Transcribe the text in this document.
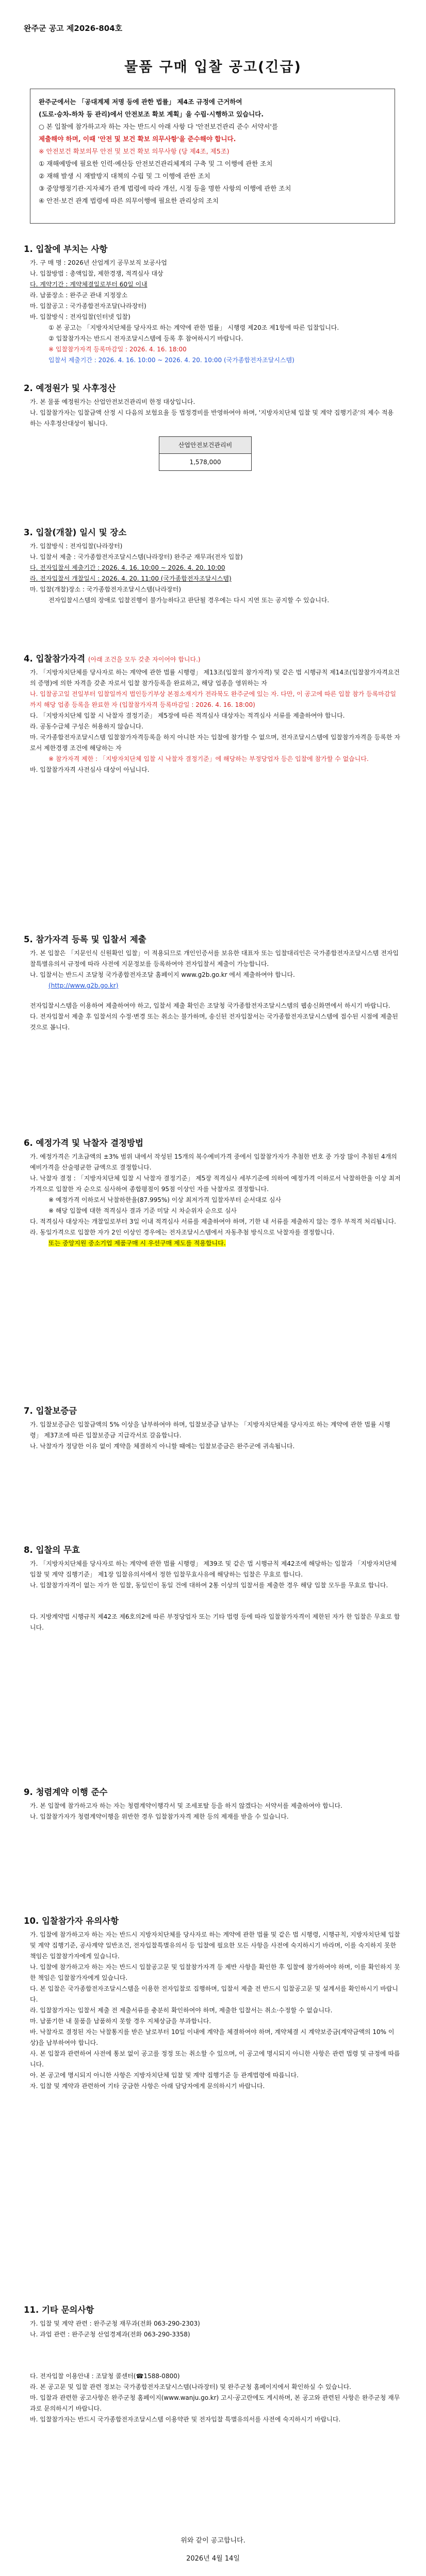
완주군 공고 제2026-804호
물품 구매 입찰 공고(긴급)

완주군에서는 「공대계제 저명 등에 관한 법률」 제4조 규정에 근거하여

(도로·승차-하차 등 관리)에서 안전보조 확보 계획」을 수립·시행하고 있습니다.

○ 본 입찰에 참가하고자 하는 자는 반드시 아래 사항 다 '안전보건관리 준수 서약서'를

제출해야 하며, 이때 '안전 및 보건 확보 의무사항'을 준수해야 합니다.

※ 안전보건 확보의무 안전 및 보건 확보 의무사항 (당 제4조, 제5조)

① 재해예방에 필요한 인력·예산등 안전보건관리체계의 구축 및 그 이행에 관한 조치

② 재해 발생 시 재발방지 대책의 수립 및 그 이행에 관한 조치

③ 중앙행정기관·지자체가 관계 법령에 따라 개선, 시정 등을 명한 사항의 이행에 관한 조치

④ 안전·보건 관계 법령에 따른 의무이행에 필요한 관리상의 조치

1. 입찰에 부치는 사항

가. 구 매 명 : 2026년 산업계기 공무보직 보공사업

나. 입찰방법 : 총액입찰, 제한경쟁, 적격심사 대상

다. 계약기간 : 계약체결일로부터 60일 이내

라. 납품장소 : 완주군 관내 지정장소

마. 입찰공고 : 국가종합전자조달(나라장터)

바. 입찰방식 : 전자입찰(인터넷 입찰)

① 본 공고는 「지방자치단체를 당사자로 하는 계약에 관한 법률」 시행령 제20조 제1항에 따른 입찰입니다.

② 입찰참가자는 반드시 전자조달시스템에 등록 후 참여하시기 바랍니다.

※ 입찰참가자격 등록마감일 : 2026. 4. 16. 18:00

입찰서 제출기간 : 2026. 4. 16. 10:00 ~ 2026. 4. 20. 10:00 (국가종합전자조달시스템)

2. 예정원가 및 사후정산

가. 본 물품 예정원가는 산업안전보건관리비 한정 대상입니다.

나. 입찰참가자는 입찰금액 산정 시 다음의 보험요율 등 법정경비를 반영하여야 하며, '지방자치단체 입찰 및 계약 집행기준'의 제수 적용 하는 사후정산대상이 됩니다.

산업안전보건관리비
1,578,000
3. 입찰(개찰) 일시 및 장소

가. 입찰방식 : 전자입찰(나라장터)

나. 입찰서 제출 : 국가종합전자조달시스템(나라장터) 완주군 재무과(전자 입찰)

다. 전자입찰서 제출기간 : 2026. 4. 16. 10:00 ~ 2026. 4. 20. 10:00

라. 전자입찰서 개찰일시 : 2026. 4. 20. 11:00 (국가종합전자조달시스템)

마. 입찰(개찰)장소 : 국가종합전자조달시스템(나라장터)

전자입찰시스템의 장애로 입찰진행이 불가능하다고 판단될 경우에는 다시 지연 또는 공지할 수 있습니다.

4. 입찰참가자격 (아래 조건을 모두 갖춘 자이어야 합니다.)

가. 「지방자치단체를 당사자로 하는 계약에 관한 법률 시행령」 제13조(입찰의 참가자격) 및 같은 법 시행규칙 제14조(입찰참가자격요건의 증명)에 의한 자격을 갖춘 자로서 입찰 참가등록을 완료하고, 해당 업종을 영위하는 자

나. 입찰공고일 전일부터 입찰일까지 법인등기부상 본점소재지가 전라북도 완주군에 있는 자. 다만, 이 공고에 따른 입찰 참가 등록마감일까지 해당 업종 등록을 완료한 자 (입찰참가자격 등록마감일 : 2026. 4. 16. 18:00)

다. 「지방자치단체 입찰 시 낙찰자 결정기준」 제5장에 따른 적격심사 대상자는 적격심사 서류를 제출하여야 합니다.

라. 공동수급체 구성은 허용하지 않습니다.

마. 국가종합전자조달시스템 입찰참가자격등록을 하지 아니한 자는 입찰에 참가할 수 없으며, 전자조달시스템에 입찰참가자격을 등록한 자로서 제한경쟁 조건에 해당하는 자

※ 참가자격 제한 : 「지방자치단체 입찰 시 낙찰자 결정기준」에 해당하는 부정당업자 등은 입찰에 참가할 수 없습니다.

바. 입찰참가자격 사전심사 대상이 아닙니다.

5. 참가자격 등록 및 입찰서 제출

가. 본 입찰은 「지문인식 신원확인 입찰」이 적용되므로 개인인증서를 보유한 대표자 또는 입찰대리인은 국가종합전자조달시스템 전자입찰특별유의서 규정에 따라 사전에 지문정보를 등록하여야 전자입찰서 제출이 가능합니다.

나. 입찰서는 반드시 조달청 국가종합전자조달 홈페이지 www.g2b.go.kr 에서 제출하여야 합니다.

(http://www.g2b.go.kr)

전자입찰시스템을 이용하여 제출하여야 하고, 입찰서 제출 확인은 조달청 국가종합전자조달시스템의 웹송신화면에서 하시기 바랍니다.

다. 전자입찰서 제출 후 입찰서의 수정·변경 또는 취소는 불가하며, 송신된 전자입찰서는 국가종합전자조달시스템에 접수된 시점에 제출된 것으로 봅니다.

6. 예정가격 및 낙찰자 결정방법

가. 예정가격은 기초금액의 ±3% 범위 내에서 작성된 15개의 복수예비가격 중에서 입찰참가자가 추첨한 번호 중 가장 많이 추첨된 4개의 예비가격을 산술평균한 금액으로 결정합니다.

나. 낙찰자 결정 : 「지방자치단체 입찰 시 낙찰자 결정기준」 제5장 적격심사 세부기준에 의하여 예정가격 이하로서 낙찰하한율 이상 최저가격으로 입찰한 자 순으로 심사하여 종합평점이 95점 이상인 자를 낙찰자로 결정합니다.

※ 예정가격 이하로서 낙찰하한율(87.995%) 이상 최저가격 입찰자부터 순서대로 심사

※ 해당 입찰에 대한 적격심사 결과 기준 미달 시 차순위자 순으로 심사

다. 적격심사 대상자는 개찰일로부터 3일 이내 적격심사 서류를 제출하여야 하며, 기한 내 서류를 제출하지 않는 경우 부적격 처리됩니다.

라. 동일가격으로 입찰한 자가 2인 이상인 경우에는 전자조달시스템에서 자동추첨 방식으로 낙찰자를 결정합니다.

또는 중앙지원 중소기업 제품구매 시 우선구매 제도를 적용합니다.

7. 입찰보증금

가. 입찰보증금은 입찰금액의 5% 이상을 납부하여야 하며, 입찰보증금 납부는 「지방자치단체를 당사자로 하는 계약에 관한 법률 시행령」 제37조에 따른 입찰보증금 지급각서로 갈음합니다.

나. 낙찰자가 정당한 이유 없이 계약을 체결하지 아니할 때에는 입찰보증금은 완주군에 귀속됩니다.

8. 입찰의 무효

가. 「지방자치단체를 당사자로 하는 계약에 관한 법률 시행령」 제39조 및 같은 법 시행규칙 제42조에 해당하는 입찰과 「지방자치단체 입찰 및 계약 집행기준」 제1장 입찰유의서에서 정한 입찰무효사유에 해당하는 입찰은 무효로 합니다.

나. 입찰참가자격이 없는 자가 한 입찰, 동일인이 동일 건에 대하여 2통 이상의 입찰서를 제출한 경우 해당 입찰 모두를 무효로 합니다.

다. 지방계약법 시행규칙 제42조 제6호의2에 따른 부정당업자 또는 기타 법령 등에 따라 입찰참가자격이 제한된 자가 한 입찰은 무효로 합니다.

9. 청렴계약 이행 준수

가. 본 입찰에 참가하고자 하는 자는 청렴계약이행각서 및 조세포탈 등을 하지 않겠다는 서약서를 제출하여야 합니다.

나. 입찰참가자가 청렴계약이행을 위반한 경우 입찰참가자격 제한 등의 제재를 받을 수 있습니다.

10. 입찰참가자 유의사항

가. 입찰에 참가하고자 하는 자는 반드시 지방자치단체를 당사자로 하는 계약에 관한 법률 및 같은 법 시행령, 시행규칙, 지방자치단체 입찰 및 계약 집행기준, 공사계약 일반조건, 전자입찰특별유의서 등 입찰에 필요한 모든 사항을 사전에 숙지하시기 바라며, 이를 숙지하지 못한 책임은 입찰참가자에게 있습니다.

나. 입찰에 참가하고자 하는 자는 반드시 입찰공고문 및 입찰참가자격 등 제반 사항을 확인한 후 입찰에 참가하여야 하며, 이를 확인하지 못한 책임은 입찰참가자에게 있습니다.

다. 본 입찰은 국가종합전자조달시스템을 이용한 전자입찰로 집행하며, 입찰서 제출 전 반드시 입찰공고문 및 설계서를 확인하시기 바랍니다.

라. 입찰참가자는 입찰서 제출 전 제출서류를 충분히 확인하여야 하며, 제출한 입찰서는 취소·수정할 수 없습니다.

마. 납품기한 내 물품을 납품하지 못할 경우 지체상금을 부과합니다.

바. 낙찰자로 결정된 자는 낙찰통지를 받은 날로부터 10일 이내에 계약을 체결하여야 하며, 계약체결 시 계약보증금(계약금액의 10% 이상)을 납부하여야 합니다.

사. 본 입찰과 관련하여 사전에 통보 없이 공고를 정정 또는 취소할 수 있으며, 이 공고에 명시되지 아니한 사항은 관련 법령 및 규정에 따릅니다.

아. 본 공고에 명시되지 아니한 사항은 지방자치단체 입찰 및 계약 집행기준 등 관계법령에 따릅니다.

자. 입찰 및 계약과 관련하여 기타 궁금한 사항은 아래 담당자에게 문의하시기 바랍니다.

11. 기타 문의사항

가. 입찰 및 계약 관련 : 완주군청 재무과(전화 063-290-2303)

나. 과업 관련 : 완주군청 산업경제과(전화 063-290-3358)

다. 전자입찰 이용안내 : 조달청 콜센터(☎1588-0800)

라. 본 공고문 및 입찰 관련 정보는 국가종합전자조달시스템(나라장터) 및 완주군청 홈페이지에서 확인하실 수 있습니다.

마. 입찰과 관련한 공고사항은 완주군청 홈페이지(www.wanju.go.kr) 고시·공고란에도 게시하며, 본 공고와 관련된 사항은 완주군청 재무과로 문의하시기 바랍니다.

바. 입찰참가자는 반드시 국가종합전자조달시스템 이용약관 및 전자입찰 특별유의서를 사전에 숙지하시기 바랍니다.

위와 같이 공고합니다.
2026년 4월 14일
